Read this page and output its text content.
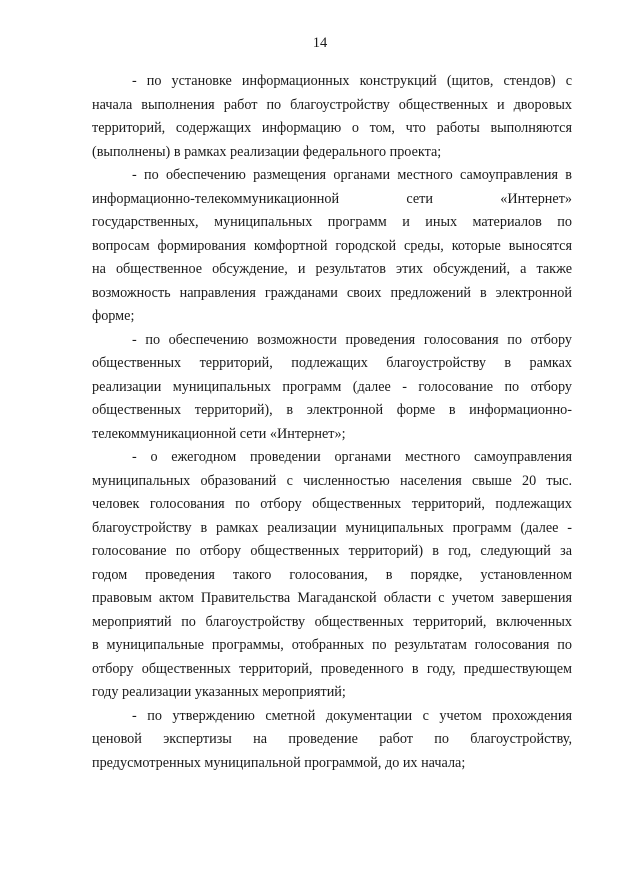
14

- по установке информационных конструкций (щитов, стендов) с
начала выполнения работ по благоустройству общественных и дворовых
территорий, содержащих информацию о том, что работы выполняются
(выполнены) в рамках реализации федерального проекта;

- по обеспечению размещения органами местного самоуправления в
информационно-телекоммуникационной сети «Интернет»
государственных, муниципальных программ и иных материалов по
вопросам формирования комфортной городской среды, которые выносятся
на общественное обсуждение, и результатов этих обсуждений, а также
возможность направления гражданами своих предложений в электронной
форме;

- по обеспечению возможности проведения голосования по отбору
общественных территорий, подлежащих благоустройству в рамках
реализации муниципальных программ (далее - голосование по отбору
общественных территорий), в электронной форме в информационно-
телекоммуникационной сети «Интернет»;

- о ежегодном проведении органами местного самоуправления
муниципальных образований с численностью населения свыше 20 тыс.
человек голосования по отбору общественных территорий, подлежащих
благоустройству в рамках реализации муниципальных программ (далее -
голосование по отбору общественных территорий) в год, следующий за
годом проведения такого голосования, в порядке, установленном
правовым актом Правительства Магаданской области с учетом завершения
мероприятий по благоустройству общественных территорий, включенных
в муниципальные программы, отобранных по результатам голосования по
отбору общественных территорий, проведенного в году, предшествующем
году реализации указанных мероприятий;

- по утверждению сметной документации с учетом прохождения
ценовой экспертизы на проведение работ по благоустройству,
предусмотренных муниципальной программой, до их начала;
